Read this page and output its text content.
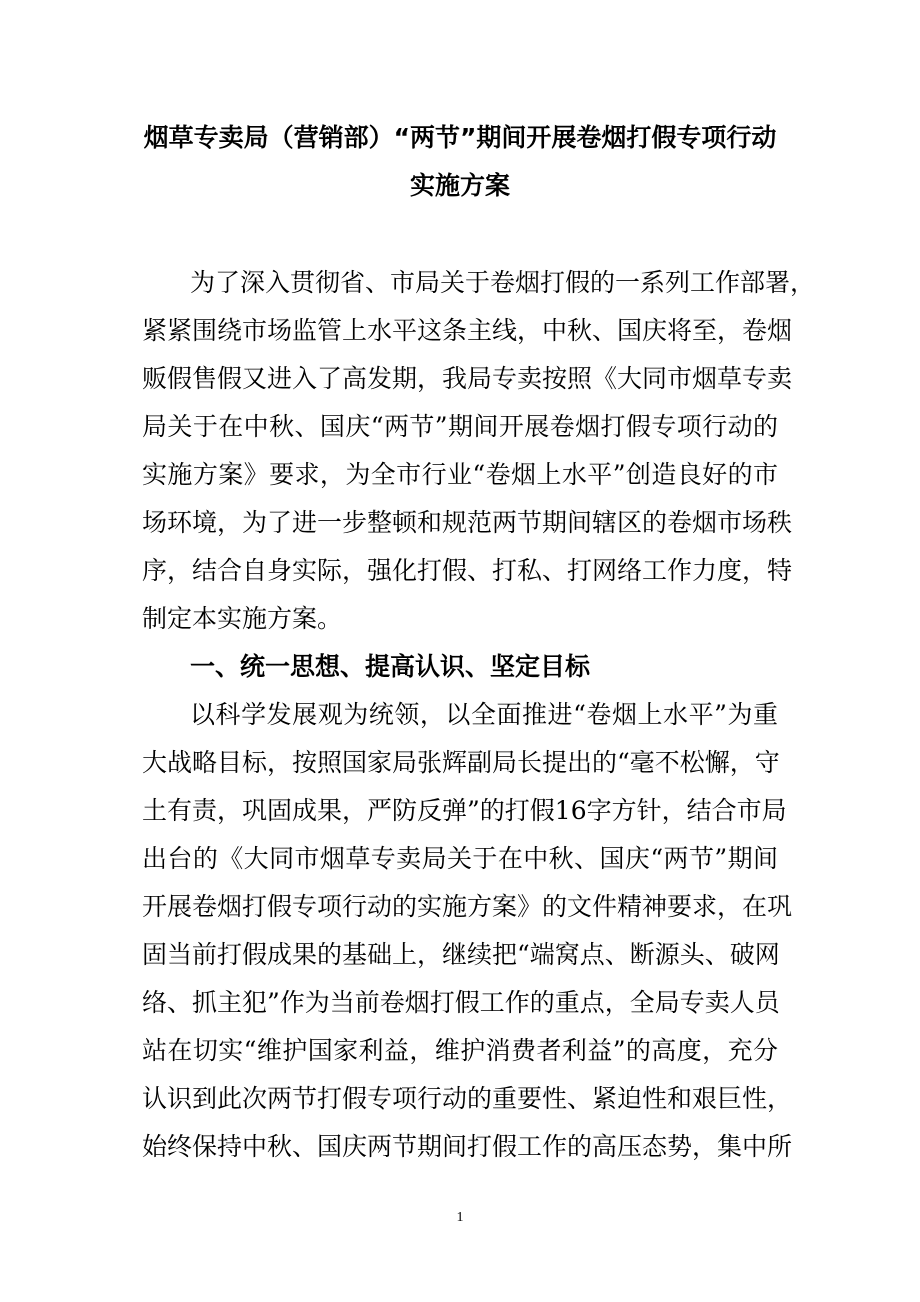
烟草专卖局（营销部）“两节”期间开展卷烟打假专项行动
实施方案
为了深入贯彻省、市局关于卷烟打假的一系列工作部署，
紧紧围绕市场监管上水平这条主线，中秋、国庆将至，卷烟
贩假售假又进入了高发期，我局专卖按照《大同市烟草专卖
局关于在中秋、国庆“两节”期间开展卷烟打假专项行动的
实施方案》要求，为全市行业“卷烟上水平”创造良好的市
场环境，为了进一步整顿和规范两节期间辖区的卷烟市场秩
序，结合自身实际，强化打假、打私、打网络工作力度，特
制定本实施方案。
一、统一思想、提高认识、坚定目标
以科学发展观为统领，以全面推进“卷烟上水平”为重
大战略目标，按照国家局张辉副局长提出的“毫不松懈，守
土有责，巩固成果，严防反弹”的打假16字方针，结合市局
出台的《大同市烟草专卖局关于在中秋、国庆“两节”期间
开展卷烟打假专项行动的实施方案》的文件精神要求，在巩
固当前打假成果的基础上，继续把“端窝点、断源头、破网
络、抓主犯”作为当前卷烟打假工作的重点，全局专卖人员
站在切实“维护国家利益，维护消费者利益”的高度，充分
认识到此次两节打假专项行动的重要性、紧迫性和艰巨性，
始终保持中秋、国庆两节期间打假工作的高压态势，集中所
1
